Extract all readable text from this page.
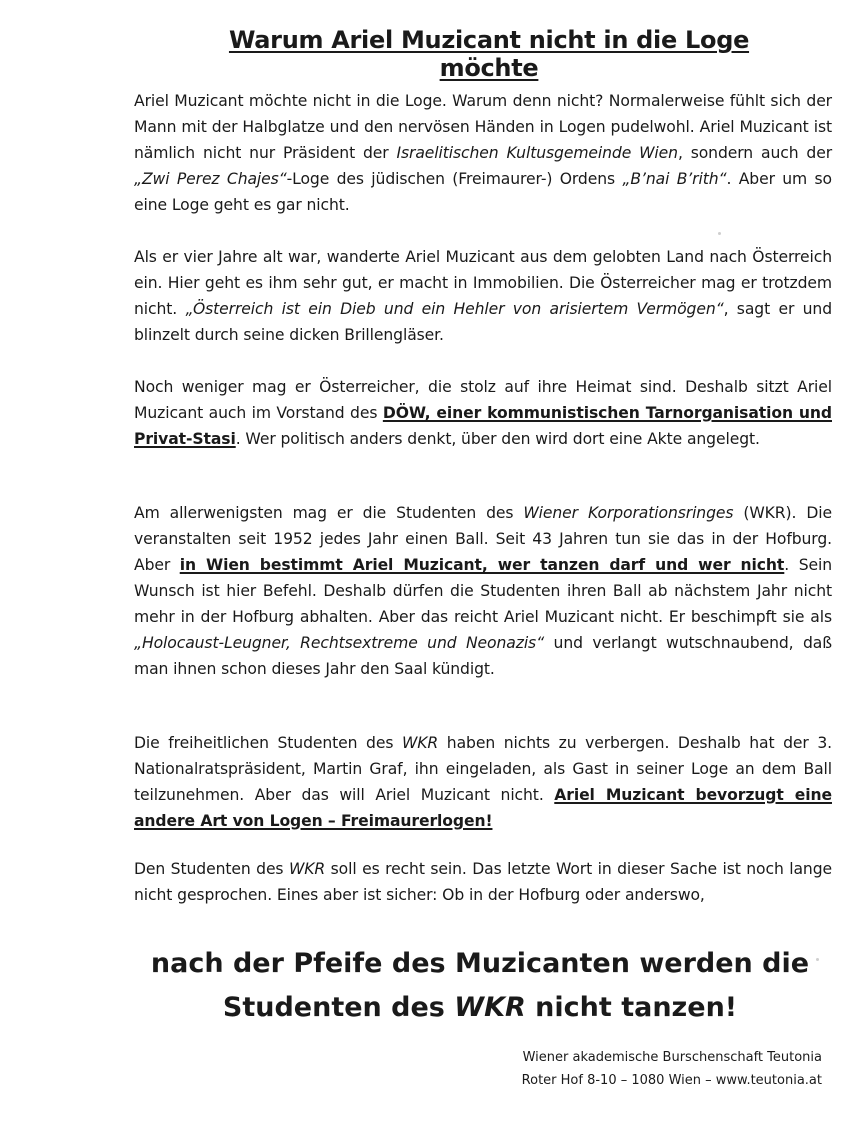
Warum Ariel Muzicant nicht in die Loge möchte

Ariel Muzicant möchte nicht in die Loge. Warum denn nicht? Normalerweise fühlt sich der Mann mit der Halbglatze und den nervösen Händen in Logen pudelwohl. Ariel Muzicant ist nämlich nicht nur Präsident der Israelitischen Kultusgemeinde Wien, sondern auch der „Zwi Perez Chajes“-Loge des jüdischen (Freimaurer-) Ordens „B’nai B’rith“. Aber um so eine Loge geht es gar nicht.

Als er vier Jahre alt war, wanderte Ariel Muzicant aus dem gelobten Land nach Österreich ein. Hier geht es ihm sehr gut, er macht in Immobilien. Die Österreicher mag er trotzdem nicht. „Österreich ist ein Dieb und ein Hehler von arisiertem Vermögen“, sagt er und blinzelt durch seine dicken Brillengläser.

Noch weniger mag er Österreicher, die stolz auf ihre Heimat sind. Deshalb sitzt Ariel Muzicant auch im Vorstand des DÖW, einer kommunistischen Tarnorganisation und Privat-Stasi. Wer politisch anders denkt, über den wird dort eine Akte angelegt.

Am allerwenigsten mag er die Studenten des Wiener Korporationsringes (WKR). Die veranstalten seit 1952 jedes Jahr einen Ball. Seit 43 Jahren tun sie das in der Hofburg. Aber in Wien bestimmt Ariel Muzicant, wer tanzen darf und wer nicht. Sein Wunsch ist hier Befehl. Deshalb dürfen die Studenten ihren Ball ab nächstem Jahr nicht mehr in der Hofburg abhalten. Aber das reicht Ariel Muzicant nicht. Er beschimpft sie als „Holocaust-Leugner, Rechtsextreme und Neonazis“ und verlangt wutschnaubend, daß man ihnen schon dieses Jahr den Saal kündigt.

Die freiheitlichen Studenten des WKR haben nichts zu verbergen. Deshalb hat der 3. Nationalratspräsident, Martin Graf, ihn eingeladen, als Gast in seiner Loge an dem Ball teilzunehmen. Aber das will Ariel Muzicant nicht. Ariel Muzicant bevorzugt eine andere Art von Logen – Freimaurerlogen!

Den Studenten des WKR soll es recht sein. Das letzte Wort in dieser Sache ist noch lange nicht gesprochen. Eines aber ist sicher: Ob in der Hofburg oder anderswo,

nach der Pfeife des Muzicanten werden die
Studenten des WKR nicht tanzen!
Wiener akademische Burschenschaft Teutonia
Roter Hof 8-10 – 1080 Wien – www.teutonia.at
